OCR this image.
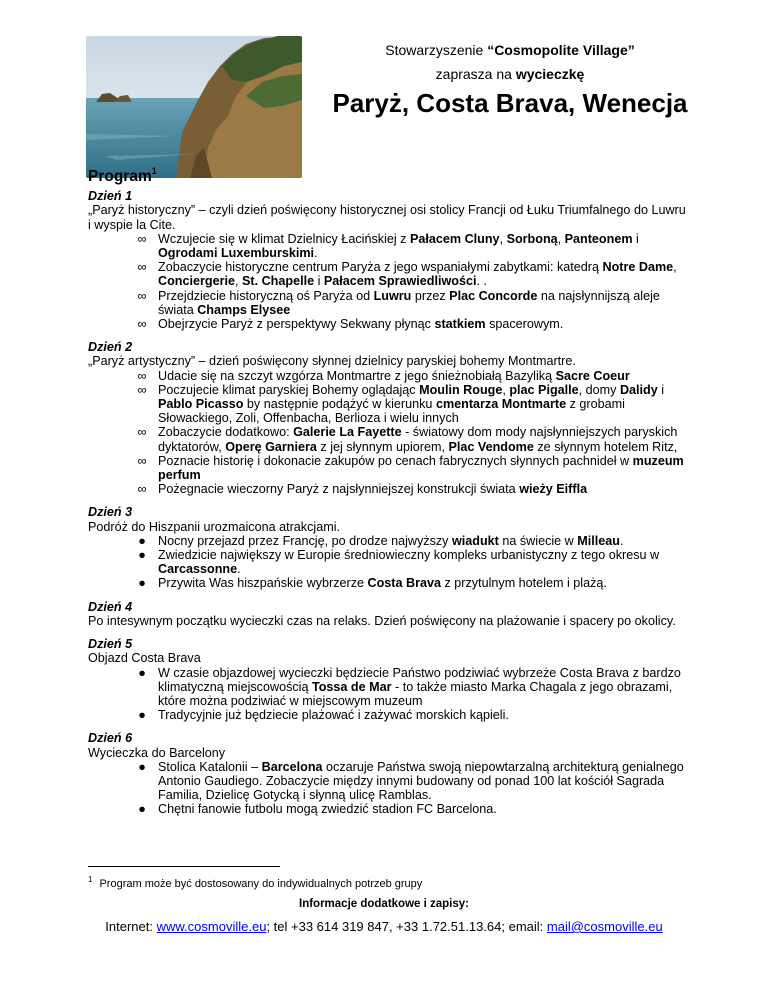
Stowarzyszenie “Cosmopolite Village”
zaprasza na wycieczkę
Paryż, Costa Brava, Wenecja
Program$^1$
Dzień 1
„Paryż historyczny” – czyli dzień poświęcony historycznej osi stolicy Francji od Łuku Triumfalnego do Luwru i wyspie la Cite.
∞ Wczujecie się w klimat Dzielnicy Łacińskiej z Pałacem Cluny, Sorboną, Panteonem i Ogrodami Luxemburskimi.
∞ Zobaczycie historyczne centrum Paryża z jego wspaniałymi zabytkami: katedrą Notre Dame, Conciergerie, St. Chapelle i Pałacem Sprawiedliwości. .
∞ Przejdziecie historyczną oś Paryża od Luwru przez Plac Concorde na najsłynnijszą aleje świata Champs Elysee
∞ Obejrzycie Paryż z perspektywy Sekwany płynąc statkiem spacerowym.
Dzień 2
„Paryż artystyczny” – dzień poświęcony słynnej dzielnicy paryskiej bohemy Montmartre.
∞ Udacie się na szczyt wzgórza Montmartre z jego śnieżnobiałą Bazyliką Sacre Coeur
∞ Poczujecie klimat paryskiej Bohemy oglądając Moulin Rouge, plac Pigalle, domy Dalidy i Pablo Picasso by następnie podążyć w kierunku cmentarza Montmarte z grobami Słowackiego, Zoli, Offenbacha, Berlioza i wielu innych
∞ Zobaczycie dodatkowo: Galerie La Fayette - światowy dom mody najsłynniejszych paryskich dyktatorów, Operę Garniera z jej słynnym upiorem, Plac Vendome ze słynnym hotelem Ritz,
∞ Poznacie historię i dokonacie zakupów po cenach fabrycznych słynnych pachnideł w muzeum perfum
∞ Pożegnacie wieczorny Paryż z najsłynniejszej konstrukcji świata wieży Eiffla
Dzień 3
Podróż do Hiszpanii urozmaicona atrakcjami.
● Nocny przejazd przez Francję, po drodze najwyższy wiadukt na świecie w Milleau.
● Zwiedzicie największy w Europie średniowieczny kompleks urbanistyczny z tego okresu w Carcassonne.
● Przywita Was hiszpańskie wybrzerze Costa Brava z przytulnym hotelem i plażą.
Dzień 4
Po intesywnym początku wycieczki czas na relaks. Dzień poświęcony na plażowanie i spacery po okolicy.
Dzień 5
Objazd Costa Brava
● W czasie objazdowej wycieczki będziecie Państwo podziwiać wybrzeże Costa Brava z bardzo klimatyczną miejscowością Tossa de Mar - to także miasto Marka Chagala z jego obrazami, które można podziwiać w miejscowym muzeum
● Tradycyjnie już będziecie plażować i zażywać morskich kąpieli.
Dzień 6
Wycieczka do Barcelony
● Stolica Katalonii – Barcelona oczaruje Państwa swoją niepowtarzalną architekturą genialnego Antonio Gaudiego. Zobaczycie między innymi budowany od ponad 100 lat kościół Sagrada Familia, Dzielicę Gotycką i słynną ulicę Ramblas.
● Chętni fanowie futbolu mogą zwiedzić stadion FC Barcelona.
$^1$ Program może być dostosowany do indywidualnych potrzeb grupy
Informacje dodatkowe i zapisy:
Internet: www.cosmoville.eu; tel +33 614 319 847, +33 1.72.51.13.64; email: mail@cosmoville.eu
